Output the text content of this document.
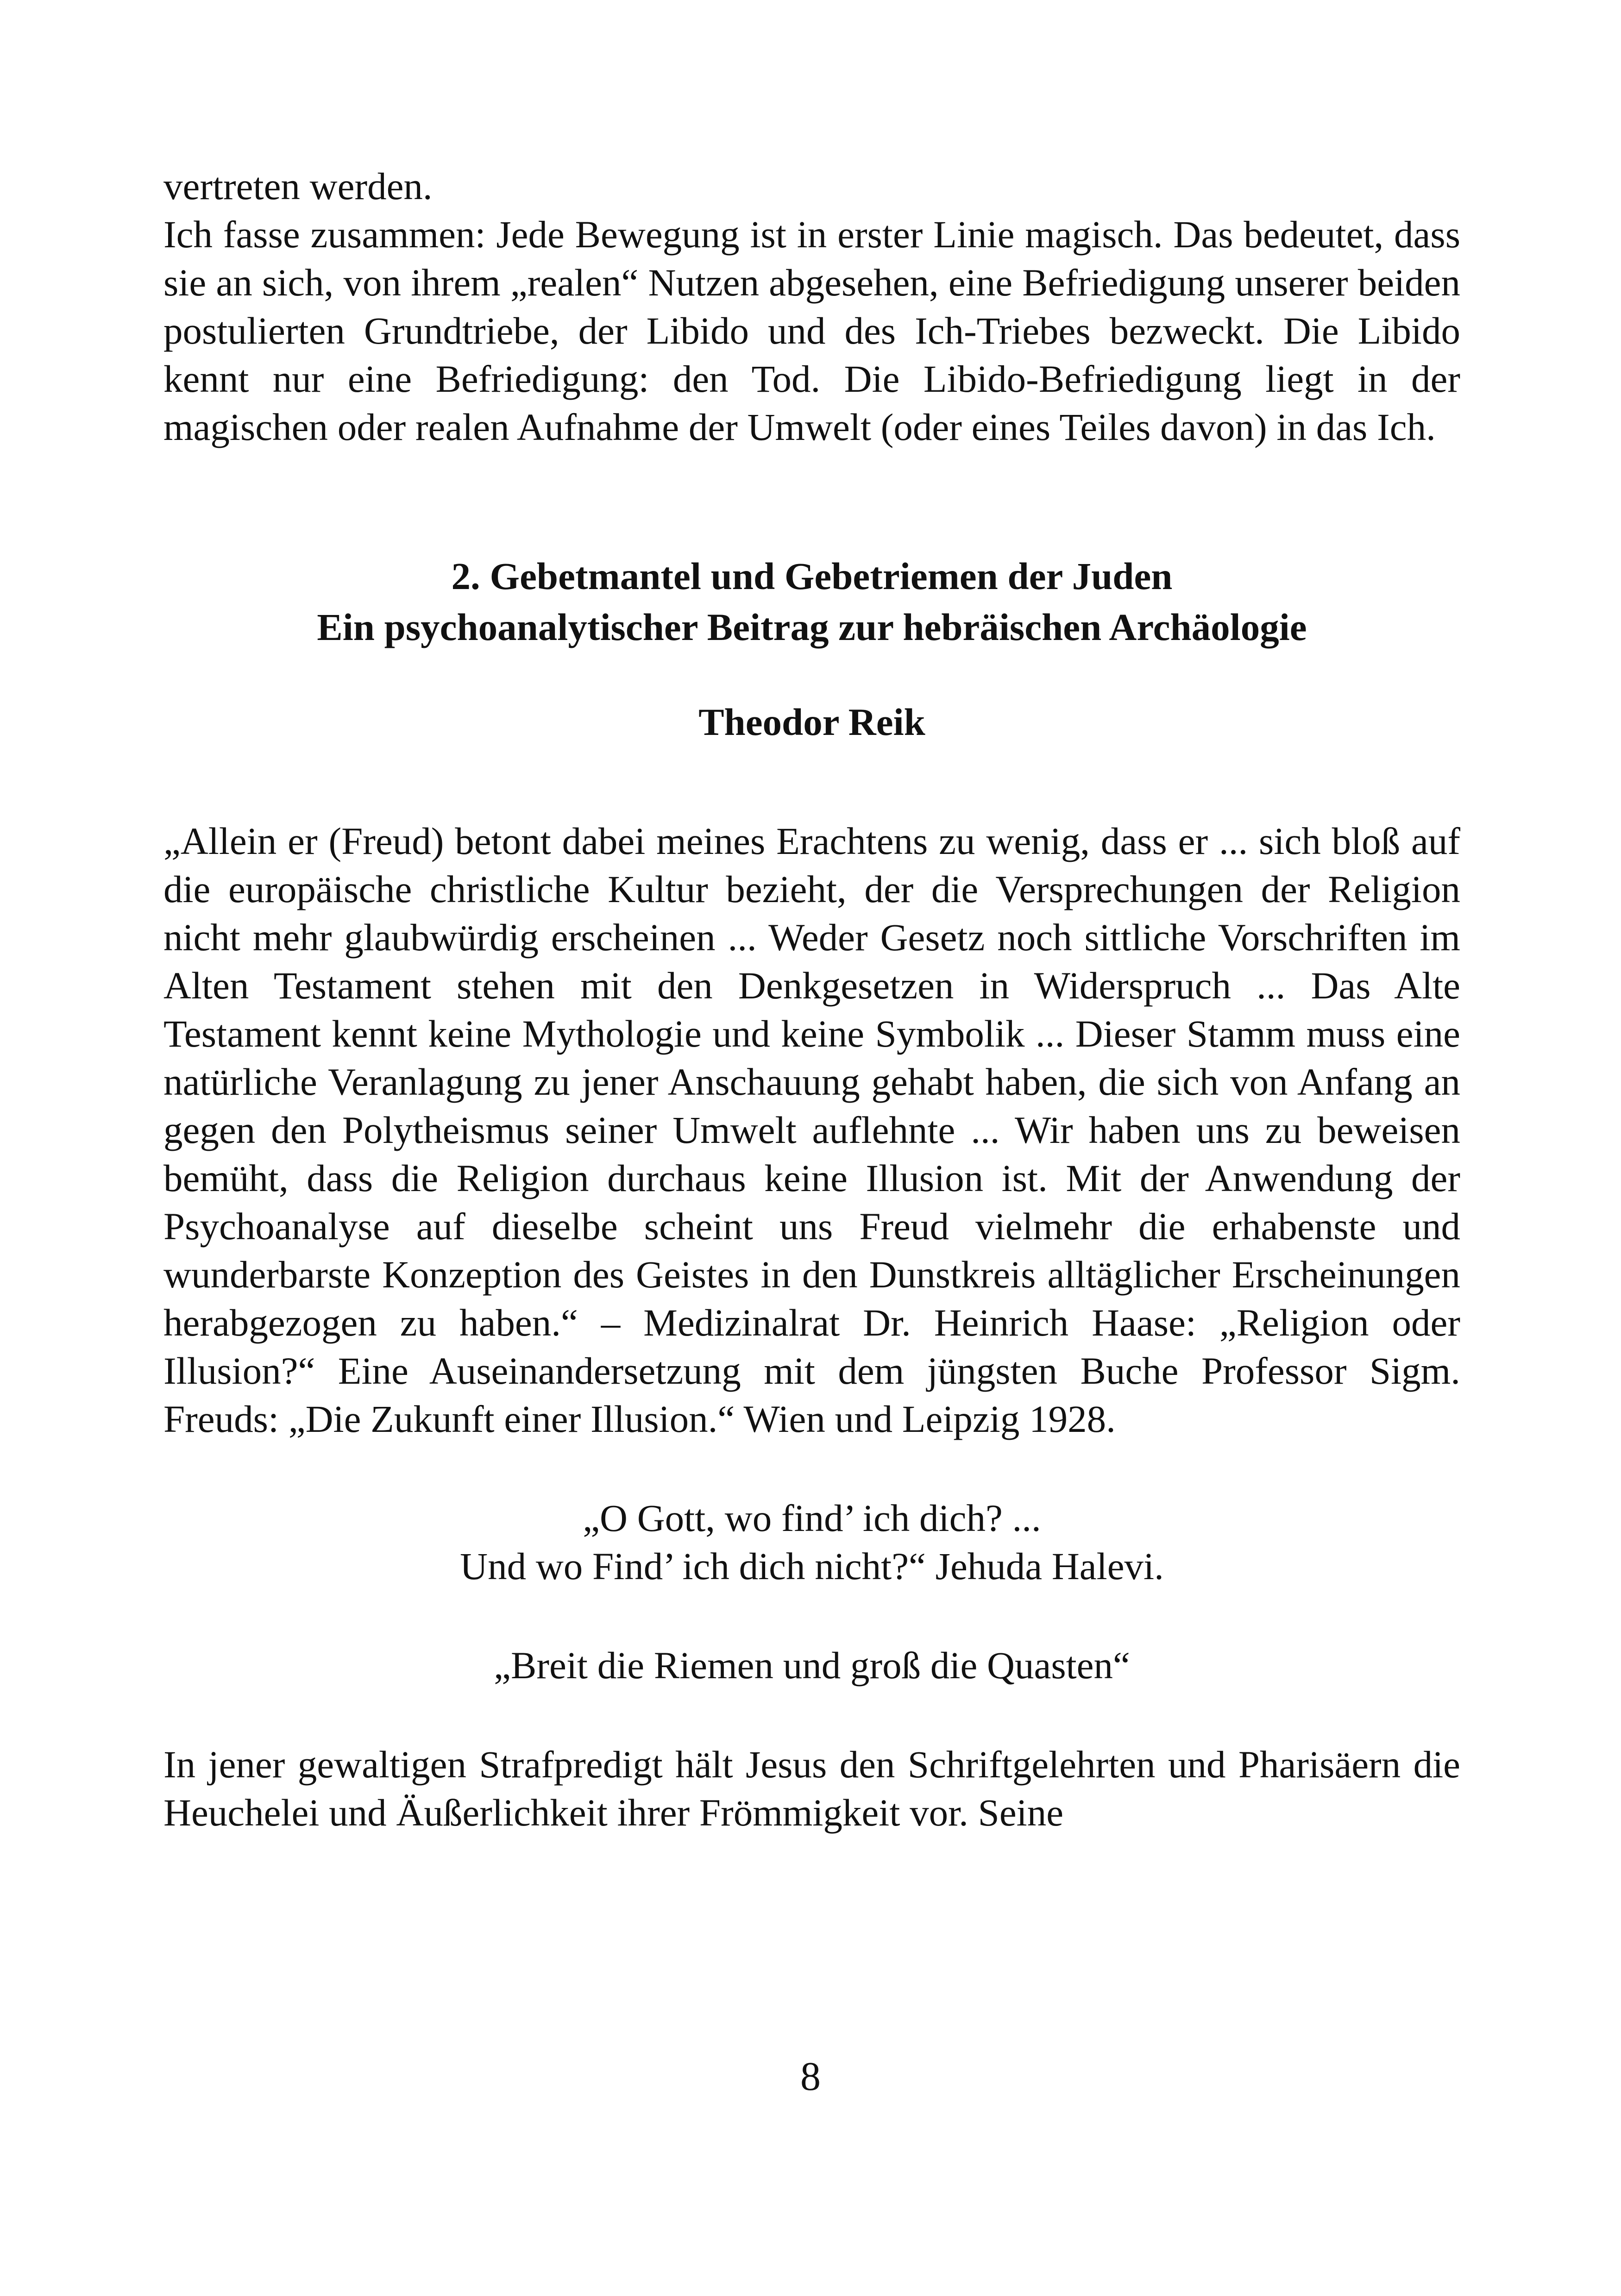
vertreten werden.

Ich fasse zusammen: Jede Bewegung ist in erster Linie magisch. Das bedeutet, dass sie an sich, von ihrem „realen“ Nutzen abgesehen, eine Befriedigung unserer beiden postulierten Grundtriebe, der Libido und des Ich-Triebes bezweckt. Die Libido kennt nur eine Befriedigung: den Tod. Die Libido-Befriedigung liegt in der magischen oder realen Aufnahme der Umwelt (oder eines Teiles davon) in das Ich.

2. Gebetmantel und Gebetriemen der Juden

Ein psychoanalytischer Beitrag zur hebräischen Archäologie

Theodor Reik

„Allein er (Freud) betont dabei meines Erachtens zu wenig, dass er ... sich bloß auf die europäische christliche Kultur bezieht, der die Versprechungen der Religion nicht mehr glaubwürdig erscheinen ... Weder Gesetz noch sittliche Vorschriften im Alten Testament stehen mit den Denkgesetzen in Widerspruch ... Das Alte Testament kennt keine Mythologie und keine Symbolik ... Dieser Stamm muss eine natürliche Veranlagung zu jener Anschauung gehabt haben, die sich von Anfang an gegen den Polytheismus seiner Umwelt auflehnte ... Wir haben uns zu beweisen bemüht, dass die Religion durchaus keine Illusion ist. Mit der Anwendung der Psychoanalyse auf dieselbe scheint uns Freud vielmehr die erhabenste und wunderbarste Konzeption des Geistes in den Dunstkreis alltäglicher Erscheinungen herabgezogen zu haben.“ – Medizinalrat Dr. Heinrich Haase: „Religion oder Illusion?“ Eine Auseinandersetzung mit dem jüngsten Buche Professor Sigm. Freuds: „Die Zukunft einer Illusion.“ Wien und Leipzig 1928.

„O Gott, wo find’ ich dich? ...

Und wo Find’ ich dich nicht?“ Jehuda Halevi.

„Breit die Riemen und groß die Quasten“

In jener gewaltigen Strafpredigt hält Jesus den Schriftgelehrten und Pharisäern die Heuchelei und Äußerlichkeit ihrer Frömmigkeit vor. Seine

8
